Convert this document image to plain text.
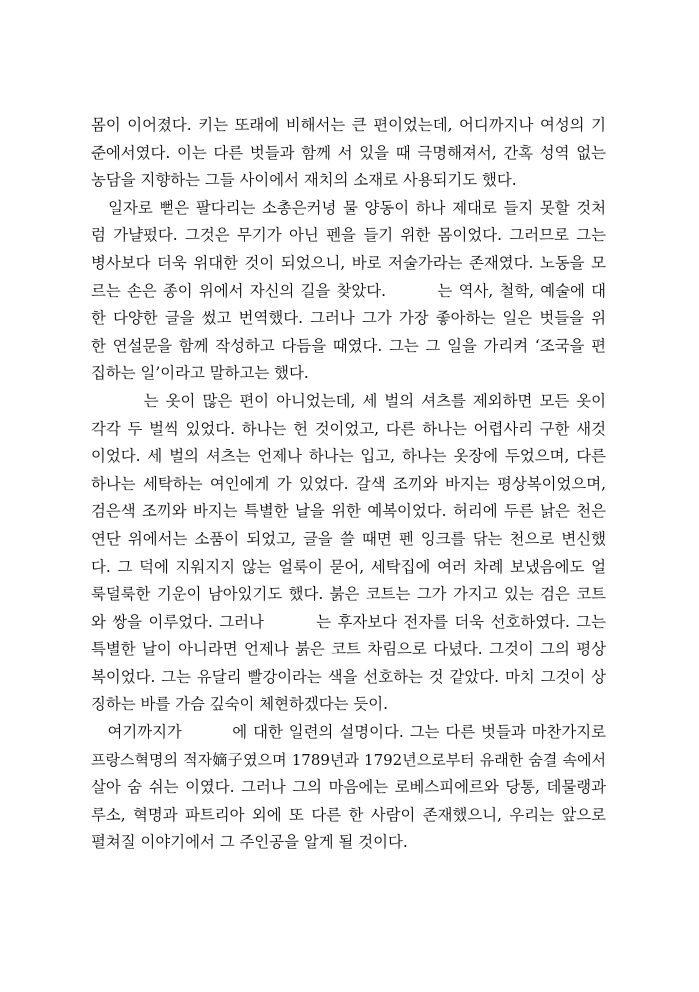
몸이 이어졌다. 키는 또래에 비해서는 큰 편이었는데, 어디까지나 여성의 기
준에서였다. 이는 다른 벗들과 함께 서 있을 때 극명해져서, 간혹 성역 없는
농담을 지향하는 그들 사이에서 재치의 소재로 사용되기도 했다.
　일자로 뻗은 팔다리는 소총은커녕 물 양동이 하나 제대로 들지 못할 것처
럼 가냘펐다. 그것은 무기가 아닌 펜을 들기 위한 몸이었다. 그러므로 그는
병사보다 더욱 위대한 것이 되었으니, 바로 저술가라는 존재였다. 노동을 모
르는 손은 종이 위에서 자신의 길을 찾았다.　　　는 역사, 철학, 예술에 대
한 다양한 글을 썼고 번역했다. 그러나 그가 가장 좋아하는 일은 벗들을 위
한 연설문을 함께 작성하고 다듬을 때였다. 그는 그 일을 가리켜 ‘조국을 편
집하는 일’이라고 말하고는 했다.
　　　는 옷이 많은 편이 아니었는데, 세 벌의 셔츠를 제외하면 모든 옷이
각각 두 벌씩 있었다. 하나는 헌 것이었고, 다른 하나는 어렵사리 구한 새것
이었다. 세 벌의 셔츠는 언제나 하나는 입고, 하나는 옷장에 두었으며, 다른
하나는 세탁하는 여인에게 가 있었다. 갈색 조끼와 바지는 평상복이었으며,
검은색 조끼와 바지는 특별한 날을 위한 예복이었다. 허리에 두른 낡은 천은
연단 위에서는 소품이 되었고, 글을 쓸 때면 펜 잉크를 닦는 천으로 변신했
다. 그 덕에 지워지지 않는 얼룩이 묻어, 세탁집에 여러 차례 보냈음에도 얼
룩덜룩한 기운이 남아있기도 했다. 붉은 코트는 그가 가지고 있는 검은 코트
와 쌍을 이루었다. 그러나　　　는 후자보다 전자를 더욱 선호하였다. 그는
특별한 날이 아니라면 언제나 붉은 코트 차림으로 다녔다. 그것이 그의 평상
복이었다. 그는 유달리 빨강이라는 색을 선호하는 것 같았다. 마치 그것이 상
징하는 바를 가슴 깊숙이 체현하겠다는 듯이.
　여기까지가　　　에 대한 일련의 설명이다. 그는 다른 벗들과 마찬가지로
프랑스혁명의 적자嫡子였으며 1789년과 1792년으로부터 유래한 숨결 속에서
살아 숨 쉬는 이였다. 그러나 그의 마음에는 로베스피에르와 당통, 데물랭과
루소, 혁명과 파트리아 외에 또 다른 한 사람이 존재했으니, 우리는 앞으로
펼쳐질 이야기에서 그 주인공을 알게 될 것이다.
